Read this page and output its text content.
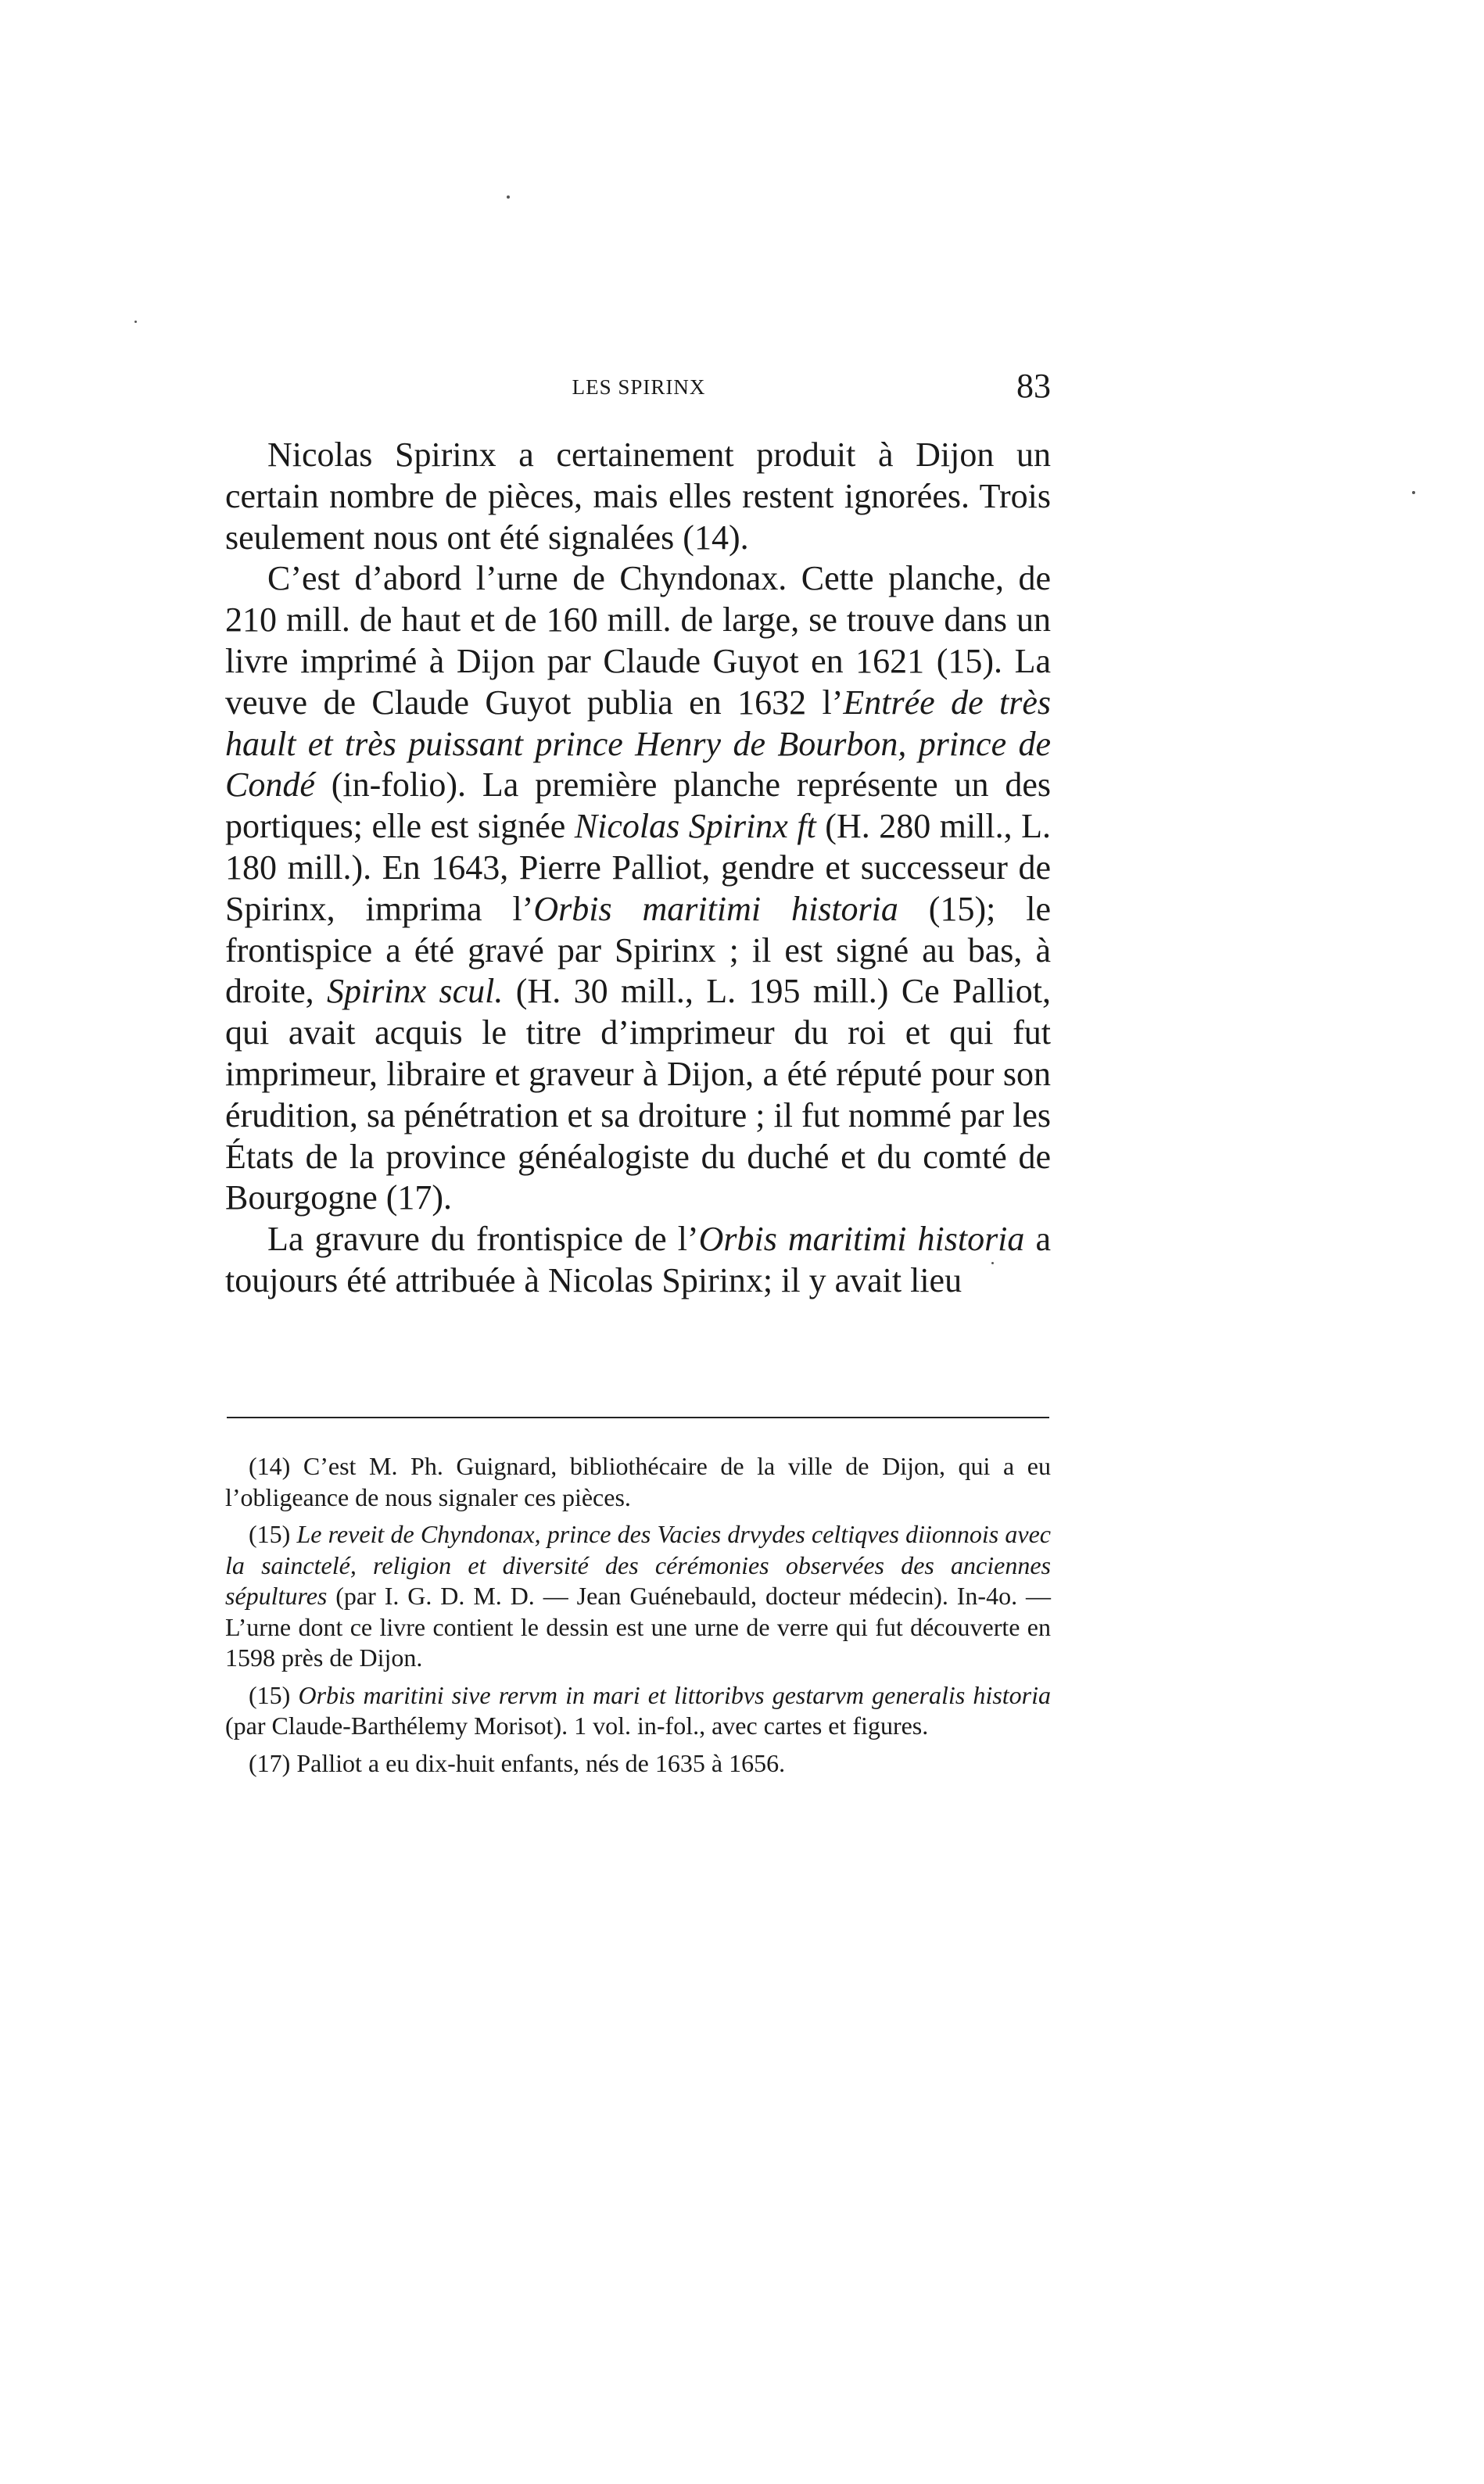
LES SPIRINX	83

Nicolas Spirinx a certainement produit à Dijon un certain nombre de pièces, mais elles restent ignorées. Trois seulement nous ont été signalées (14).

C’est d’abord l’urne de Chyndonax. Cette planche, de 210 mill. de haut et de 160 mill. de large, se trouve dans un livre imprimé à Dijon par Claude Guyot en 1621 (15). La veuve de Claude Guyot publia en 1632 l’Entrée de très hault et très puissant prince Henry de Bourbon, prince de Condé (in-folio). La première planche représente un des portiques; elle est signée Nicolas Spirinx ft (H. 280 mill., L. 180 mill.). En 1643, Pierre Palliot, gendre et successeur de Spirinx, imprima l’Orbis maritimi historia (15); le frontispice a été gravé par Spirinx ; il est signé au bas, à droite, Spirinx scul. (H. 30 mill., L. 195 mill.) Ce Palliot, qui avait acquis le titre d’imprimeur du roi et qui fut imprimeur, libraire et graveur à Dijon, a été réputé pour son érudition, sa pénétration et sa droiture ; il fut nommé par les États de la province généalogiste du duché et du comté de Bourgogne (17).

La gravure du frontispice de l’Orbis maritimi historia a toujours été attribuée à Nicolas Spirinx; il y avait lieu

(14) C’est M. Ph. Guignard, bibliothécaire de la ville de Dijon, qui a eu l’obligeance de nous signaler ces pièces.

(15) Le reveit de Chyndonax, prince des Vacies drvydes celtiqves diionnois avec la sainctelé, religion et diversité des cérémonies observées des anciennes sépultures (par I. G. D. M. D. — Jean Guénebauld, docteur médecin). In-4o. — L’urne dont ce livre contient le dessin est une urne de verre qui fut découverte en 1598 près de Dijon.

(15) Orbis maritini sive rervm in mari et littoribvs gestarvm generalis historia (par Claude-Barthélemy Morisot). 1 vol. in-fol., avec cartes et figures.

(17) Palliot a eu dix-huit enfants, nés de 1635 à 1656.
